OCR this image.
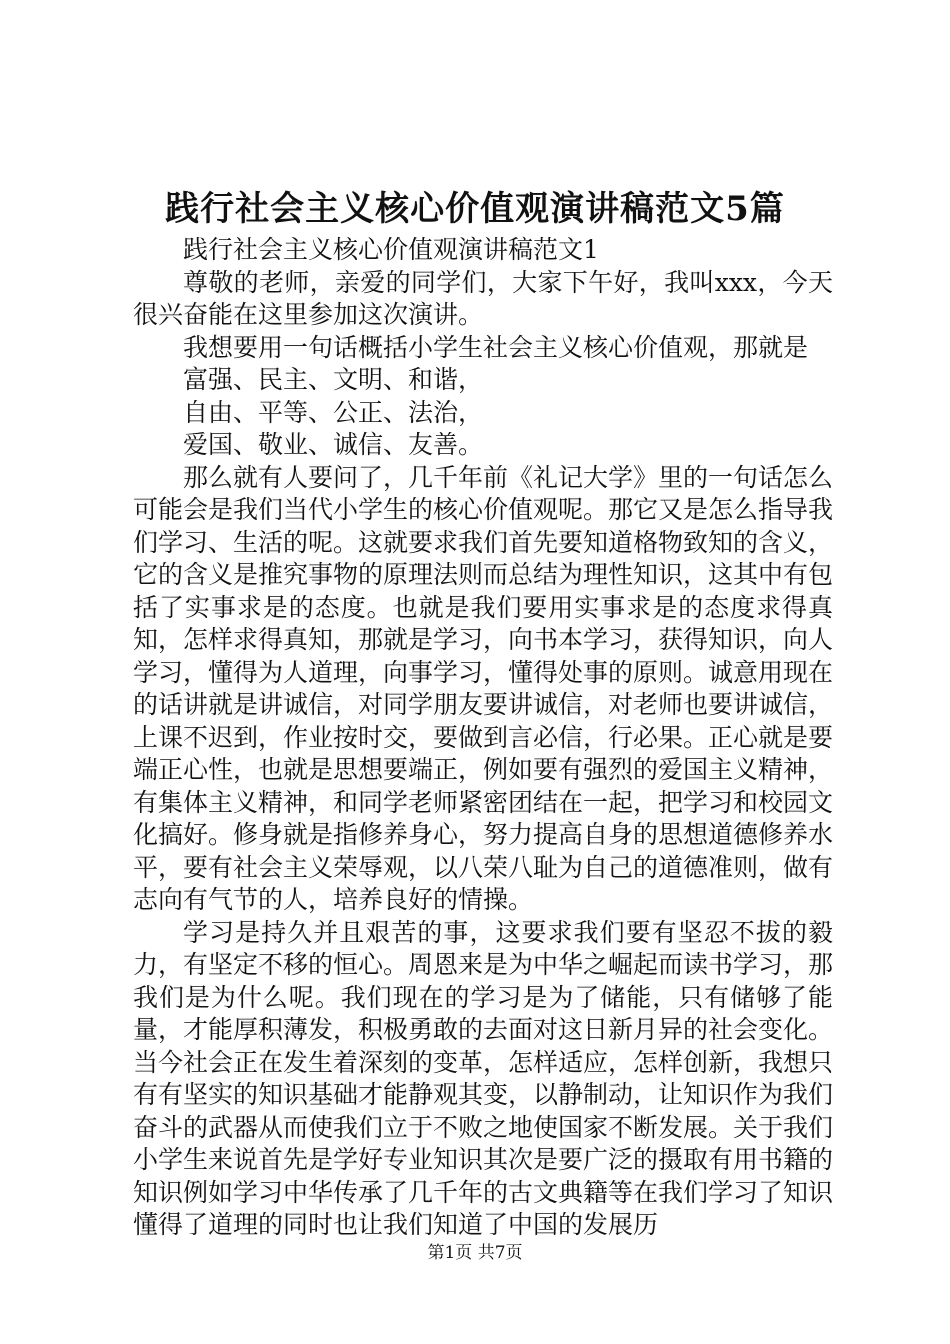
践行社会主义核心价值观演讲稿范文5篇

践行社会主义核心价值观演讲稿范文1

尊敬的老师，亲爱的同学们，大家下午好，我叫xxx，今天很兴奋能在这里参加这次演讲。

我想要用一句话概括小学生社会主义核心价值观，那就是

富强、民主、文明、和谐，

自由、平等、公正、法治，

爱国、敬业、诚信、友善。

那么就有人要问了，几千年前《礼记大学》里的一句话怎么可能会是我们当代小学生的核心价值观呢。那它又是怎么指导我们学习、生活的呢。这就要求我们首先要知道格物致知的含义，它的含义是推究事物的原理法则而总结为理性知识，这其中有包括了实事求是的态度。也就是我们要用实事求是的态度求得真知，怎样求得真知，那就是学习，向书本学习，获得知识，向人学习，懂得为人道理，向事学习，懂得处事的原则。诚意用现在的话讲就是讲诚信，对同学朋友要讲诚信，对老师也要讲诚信，上课不迟到，作业按时交，要做到言必信，行必果。正心就是要端正心性，也就是思想要端正，例如要有强烈的爱国主义精神，有集体主义精神，和同学老师紧密团结在一起，把学习和校园文化搞好。修身就是指修养身心，努力提高自身的思想道德修养水平，要有社会主义荣辱观，以八荣八耻为自己的道德准则，做有志向有气节的人，培养良好的情操。

学习是持久并且艰苦的事，这要求我们要有坚忍不拔的毅力，有坚定不移的恒心。周恩来是为中华之崛起而读书学习，那我们是为什么呢。我们现在的学习是为了储能，只有储够了能量，才能厚积薄发，积极勇敢的去面对这日新月异的社会变化。当今社会正在发生着深刻的变革，怎样适应，怎样创新，我想只有有坚实的知识基础才能静观其变，以静制动，让知识作为我们奋斗的武器从而使我们立于不败之地使国家不断发展。关于我们小学生来说首先是学好专业知识其次是要广泛的摄取有用书籍的知识例如学习中华传承了几千年的古文典籍等在我们学习了知识懂得了道理的同时也让我们知道了中国的发展历

第1页 共7页
